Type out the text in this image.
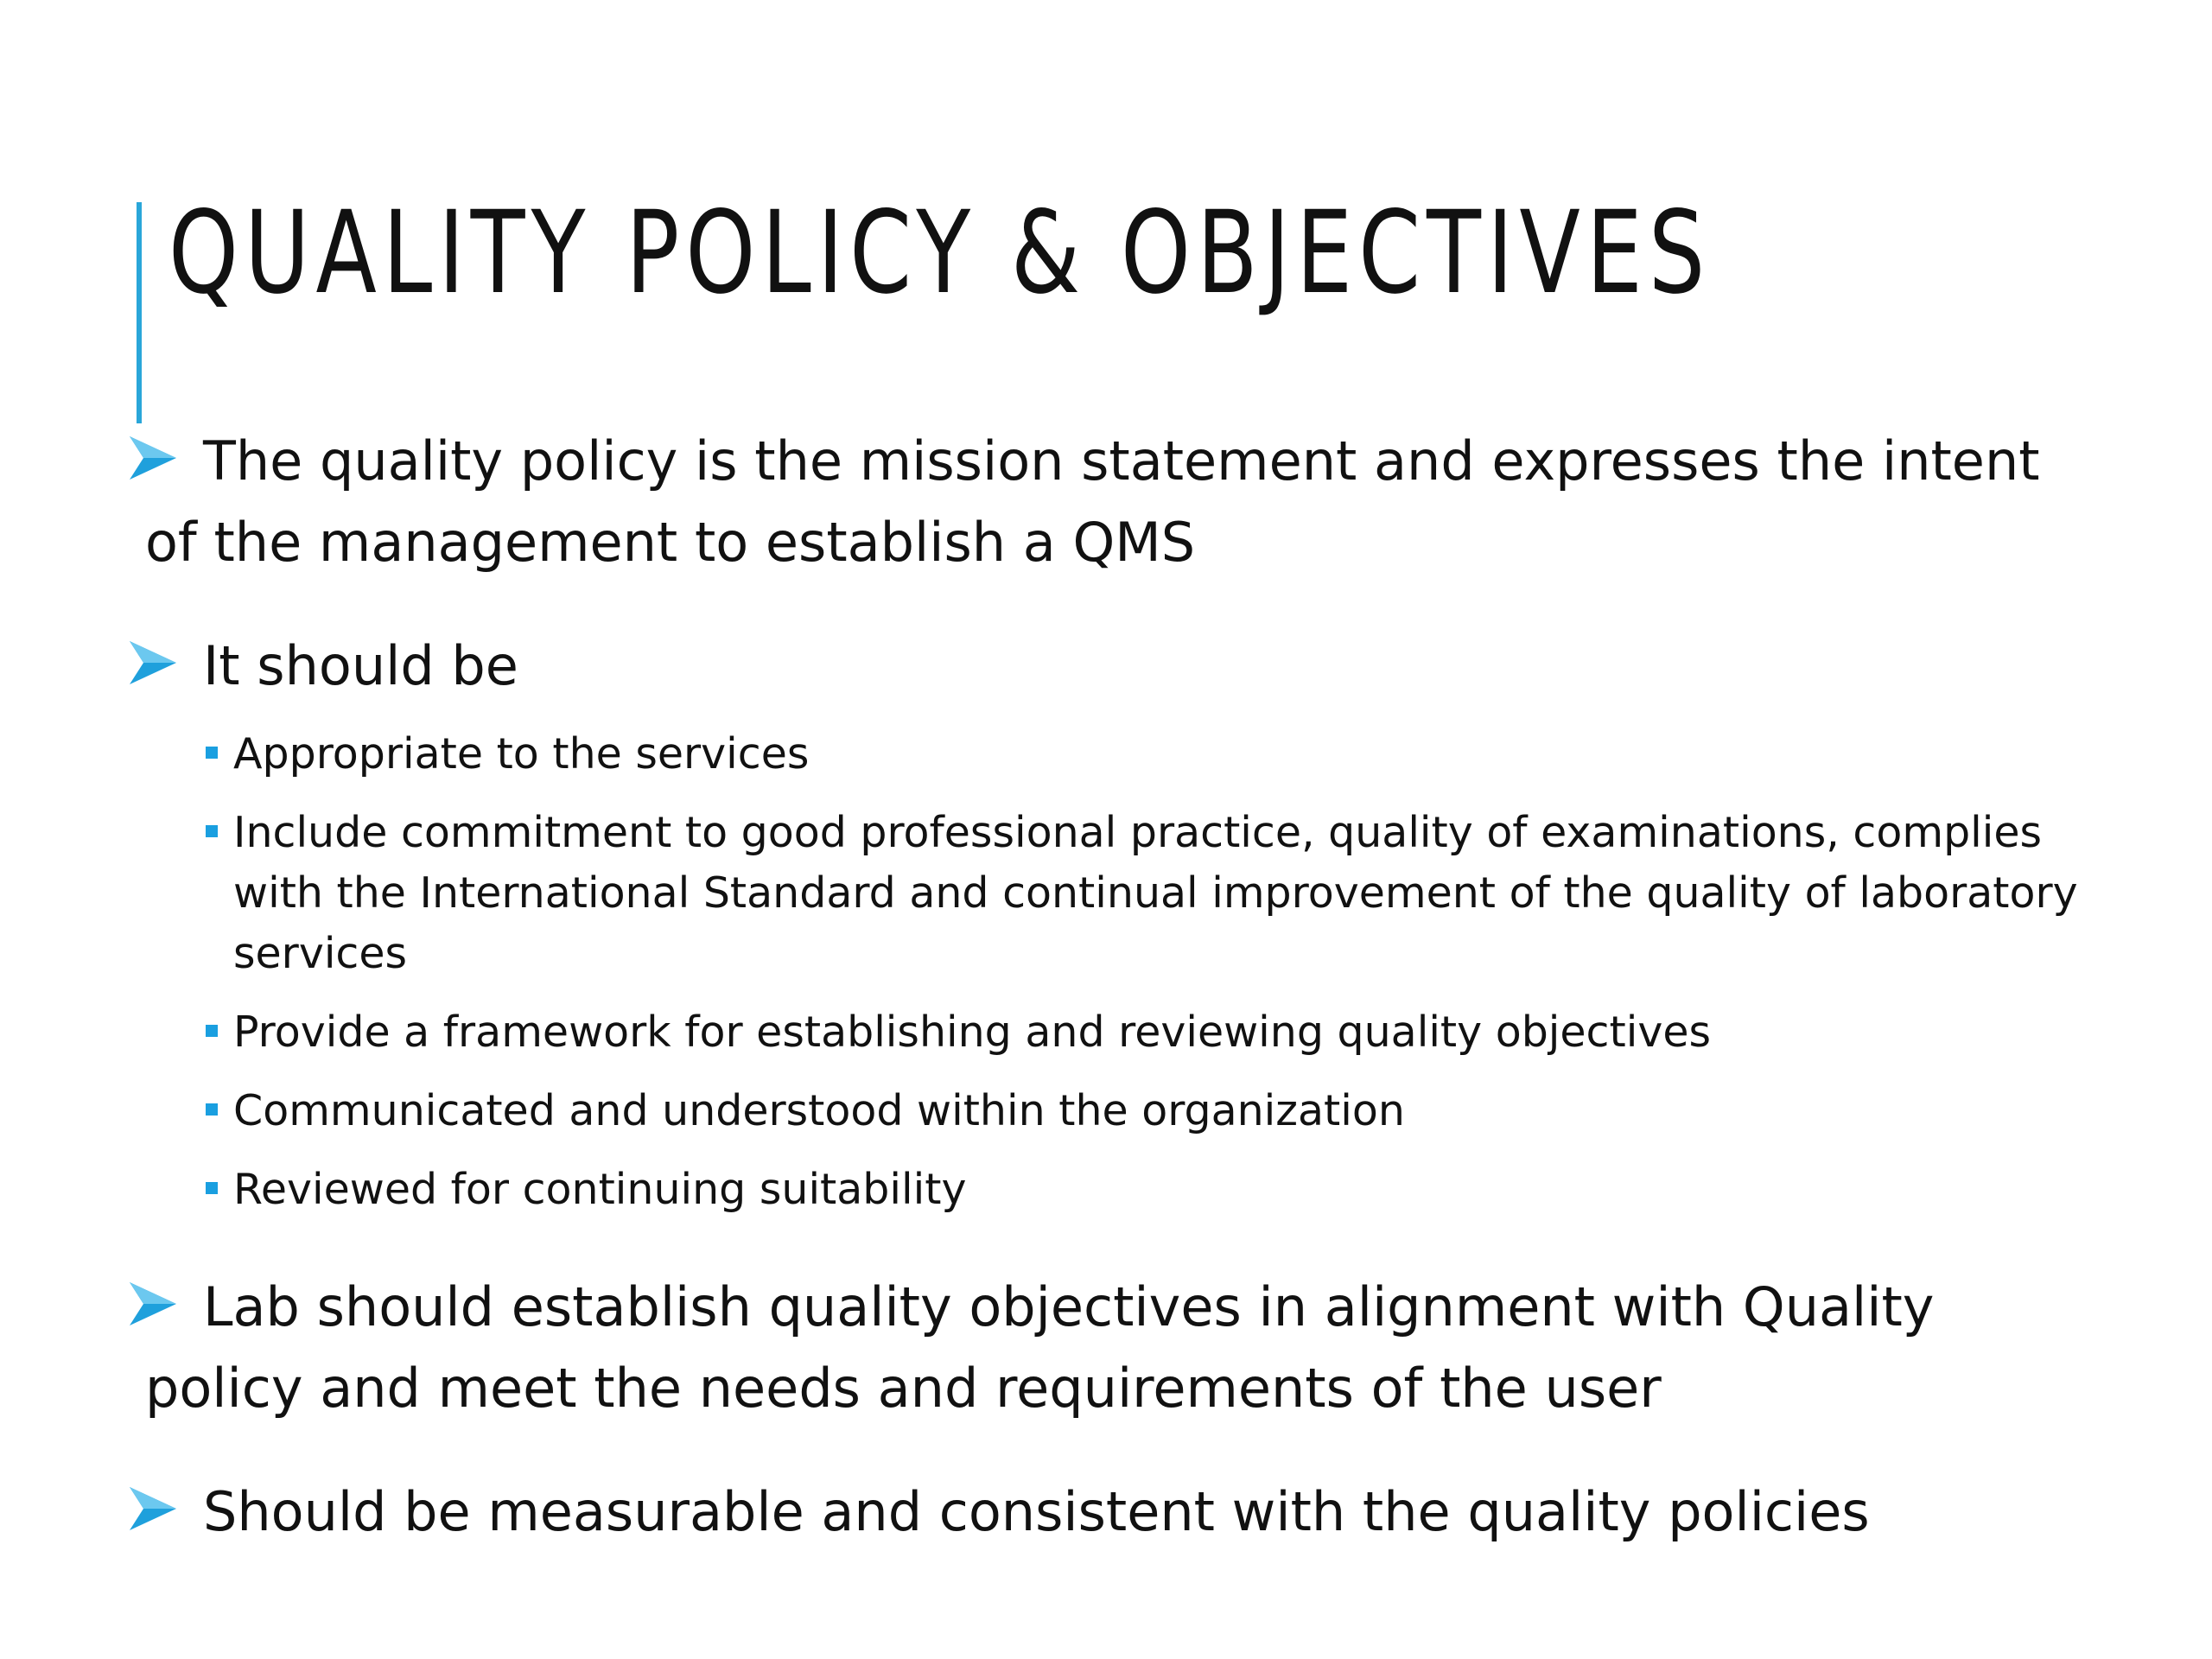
QUALITY POLICY & OBJECTIVES
The quality policy is the mission statement and expresses the intent of the management to establish a QMS
It should be
Appropriate to the services
Include commitment to good professional practice, quality of examinations, complies with the International Standard and continual improvement of the quality of laboratory services
Provide a framework for establishing and reviewing quality objectives
Communicated and understood within the organization
Reviewed for continuing suitability
Lab should establish quality objectives in alignment with Quality policy and meet the needs and requirements of the user
Should be measurable and consistent with the quality policies
